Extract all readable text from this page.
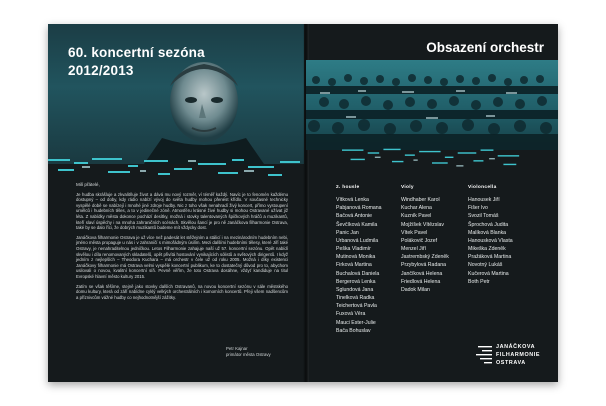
60. koncertní sezóna
2012/2013

Milí přátelé,

Je hudba skrášluje a zkvalitňuje život a dává mu nový rozměr, ví téměř každý. Navíc je to fenomén každému dostupný – od doby, kdy rádio nabízí vývoj do světa hudby mohou přenést křídlo. V současné technicky vyspělé době se nabízejí i mnohé jiné zdroje hudby. Nic z toho však nenahradí živý koncert, přímo vystoupení umělců i hudebních těles, a to v jedinečné zóně. Atmosféru krásné živé hudby si mohou Ostravané užívat již léta. Z nabídky města dokonce pochází desítky, možná i stovky talentovaných špičkových hráčů a muzikantů, kteří slaví úspěchy i na mnoha zahraničních scénách. Skvělou šancí je pro ně Janáčkova filharmonie Ostrava, také by se dalo říci, že dobrých muzikantů budeme mít vždycky dost.

Janáčkova filharmonie Ostrava je už více než padesát let stěžejním a stálicí i na mezinárodním hudebním nebi, jméno města propaguje u nás i v zahraničí s mimořádným úsilím. Mezi dalšími hudebními tělesy, které Jiří také Ostravy, je nenahraditelnou jedničkou. Letos Filharmonie zahajuje naší už 57. koncertní sezónu. Opět nabídí skvělou i díla renomovaných skladatelů, opět přivítá hostování vynikajících sólistů a světových dirigentů. I když jedním z nejlepších – Theodora Kuchara – má orchestr v čele už od roku 2005. Možná i díky existenci Janáčkovy filharmonie má Ostrava velmi vyspělé koncertní publikum, ke to dostatečný důvod pro to, abychom usilovali o novou, kvalitní koncertní síň. Pevně věřím, že toto Ostrava dosáhne, vždyť kandiduje na titul Evropské hlavní město kultury 2015.

Zatím se však těšíme, stejně jako stovky dalších Ostravanů, na novou koncertní sezónu v sále městského domu kultury, která od září nabídne cyklý velkých orchestrálních i komorních koncertů. Přeji všem nadšencům a příznivcům vážné hudby co nejhodnotnější zážitky.

Petr Kajnar
primátor města Ostravy
Obsazení orchestr
2. housle
Vítková Lenka
Pabjanová Romana
Bačová Antonie
Ševčíková Kamila
Panic Jan
Urbanová Ludmila
Peška Vladimír
Mutinová Monika
Firková Martina
Buchalová Daniela
Bergerová Lenka
Sglundová Jana
Tinelková Radka
Teichertová Pavla
Fuxová Věra
Mauci Ester-Julie
Bača Bohuslav
Violy
Windhaber Karol
Kuchar Alena
Kuzník Pavel
Mojžíšek Vítězslav
Vítek Pavel
Polákovič Jozef
Menzel Jiří
Jastrembský Zdeněk
Przybylová Radana
Jančíková Helena
Friedlová Helena
Dadok Milan
Violoncella
Hanousek Jiří
Fišer Ivo
Svozil Tomáš
Šprochová Judita
Malíková Blanka
Hanousková Vlasta
Mikeška Zdeněk
Pražáková Martina
Novotný Lukáš
Kučerová Martina
Both Petr
JANÁČKOVA
FILHARMONIE
OSTRAVA
